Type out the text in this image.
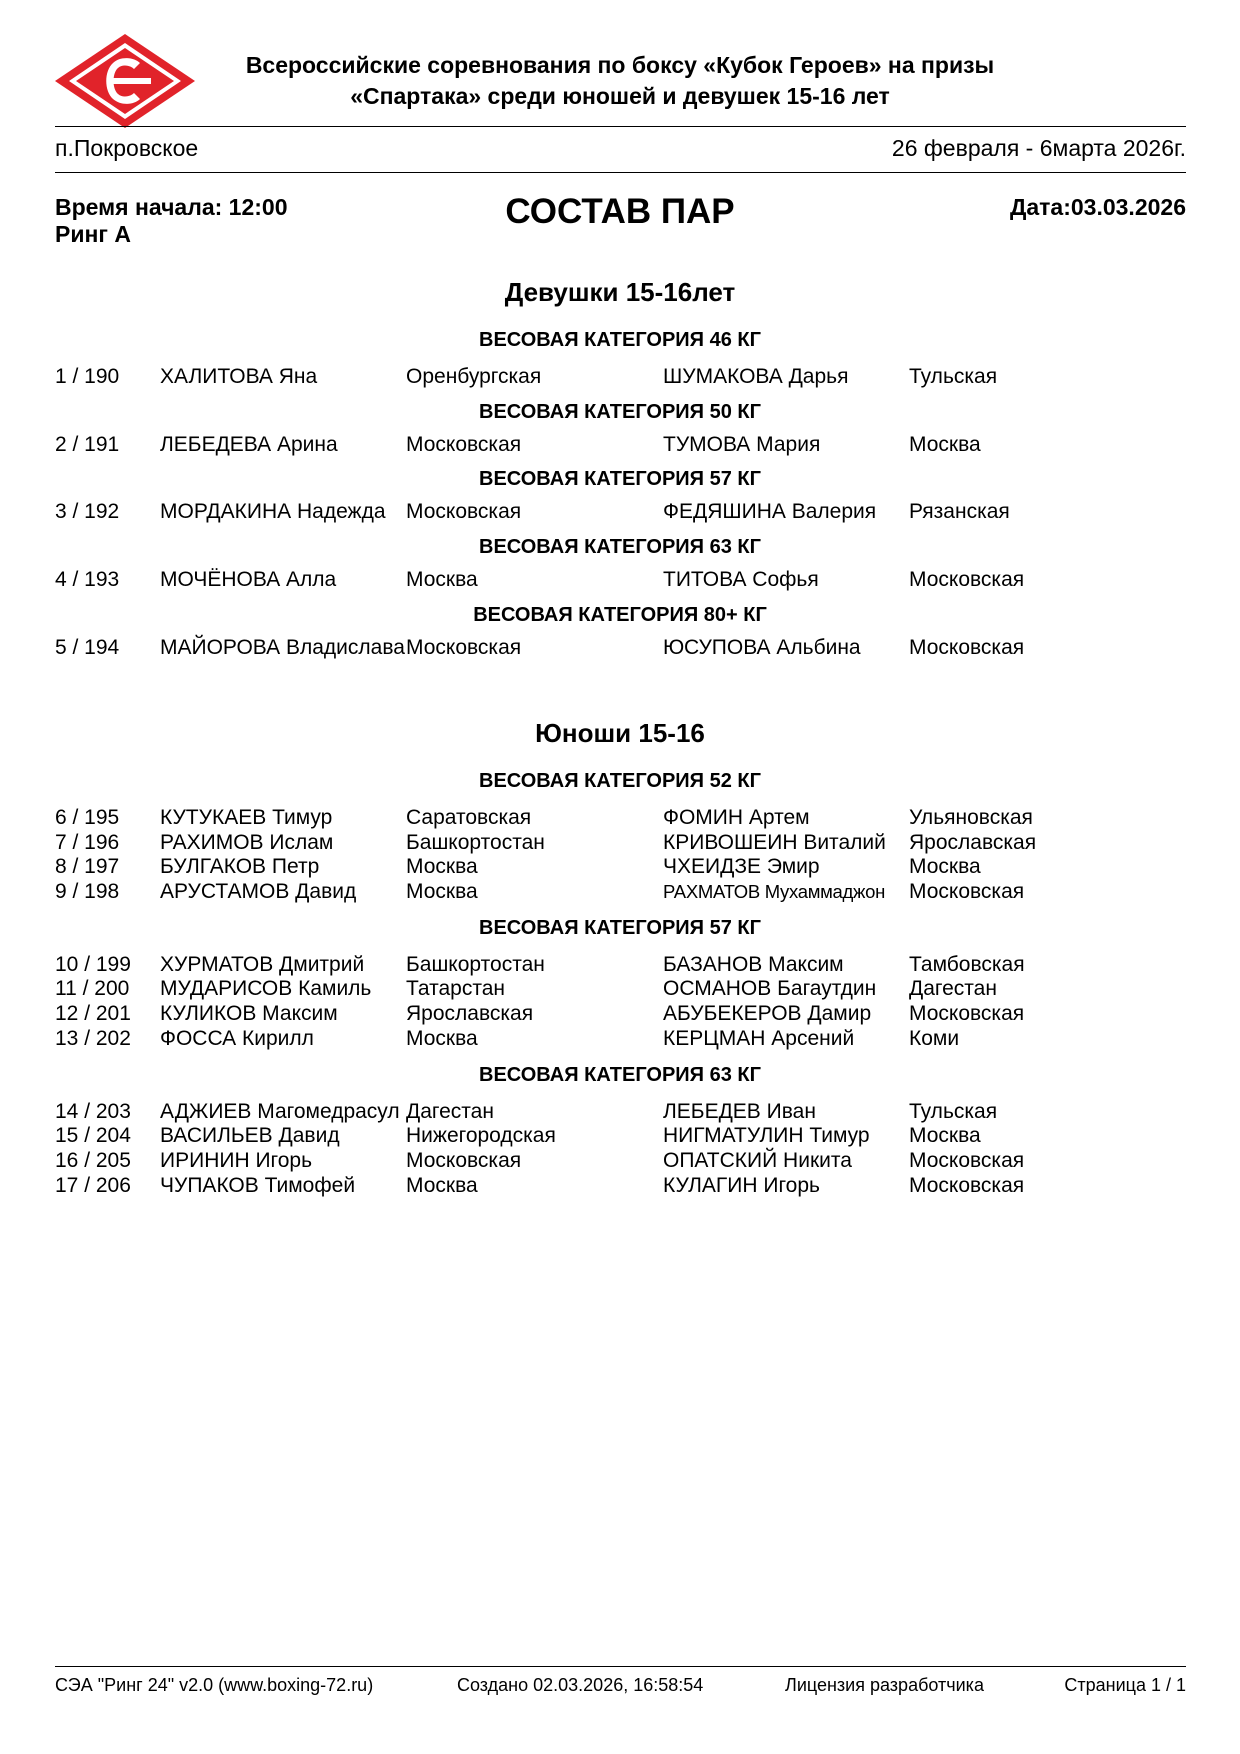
Всероссийские соревнования по боксу «Кубок Героев» на призы
«Спартака» среди юношей и девушек 15-16 лет
п.Покровское	26 февраля - 6марта 2026г.
Время начала: 12:00
Ринг А
СОСТАВ ПАР	Дата:03.03.2026
Девушки 15-16лет
ВЕСОВАЯ КАТЕГОРИЯ 46 КГ
1 / 190 ХАЛИТОВА Яна	Оренбургская	ШУМАКОВА Дарья	Тульская
ВЕСОВАЯ КАТЕГОРИЯ 50 КГ
2 / 191 ЛЕБЕДЕВА Арина	Московская	ТУМОВА Мария	Москва
ВЕСОВАЯ КАТЕГОРИЯ 57 КГ
3 / 192 МОРДАКИНА Надежда Московская	ФЕДЯШИНА Валерия Рязанская
ВЕСОВАЯ КАТЕГОРИЯ 63 КГ
4 / 193 МОЧЁНОВА Алла	Москва	ТИТОВА Софья	Московская
ВЕСОВАЯ КАТЕГОРИЯ 80+ КГ
5 / 194 МАЙОРОВА Владислава Московская	ЮСУПОВА Альбина Московская
Юноши 15-16
ВЕСОВАЯ КАТЕГОРИЯ 52 КГ
6 / 195 КУТУКАЕВ Тимур	Саратовская	ФОМИН Артем	Ульяновская
7 / 196 РАХИМОВ Ислам	Башкортостан	КРИВОШЕИН Виталий Ярославская
8 / 197 БУЛГАКОВ Петр	Москва	ЧХЕИДЗЕ Эмир	Москва
9 / 198 АРУСТАМОВ Давид Москва	РАХМАТОВ Мухаммаджон Московская
ВЕСОВАЯ КАТЕГОРИЯ 57 КГ
10 / 199 ХУРМАТОВ Дмитрий Башкортостан	БАЗАНОВ Максим	Тамбовская
11 / 200 МУДАРИСОВ Камиль Татарстан	ОСМАНОВ Багаутдин Дагестан
12 / 201 КУЛИКОВ Максим	Ярославская	АБУБЕКЕРОВ Дамир Московская
13 / 202 ФОССА Кирилл	Москва	КЕРЦМАН Арсений	Коми
ВЕСОВАЯ КАТЕГОРИЯ 63 КГ
14 / 203 АДЖИЕВ Магомедрасул Дагестан	ЛЕБЕДЕВ Иван	Тульская
15 / 204 ВАСИЛЬЕВ Давид	Нижегородская	НИГМАТУЛИН Тимур Москва
16 / 205 ИРИНИН Игорь	Московская	ОПАТСКИЙ Никита	Московская
17 / 206 ЧУПАКОВ Тимофей Москва	КУЛАГИН Игорь	Московская
СЭА "Ринг 24" v2.0 (www.boxing-72.ru)	Создано 02.03.2026, 16:58:54	Лицензия разработчика	Страница 1 / 1
